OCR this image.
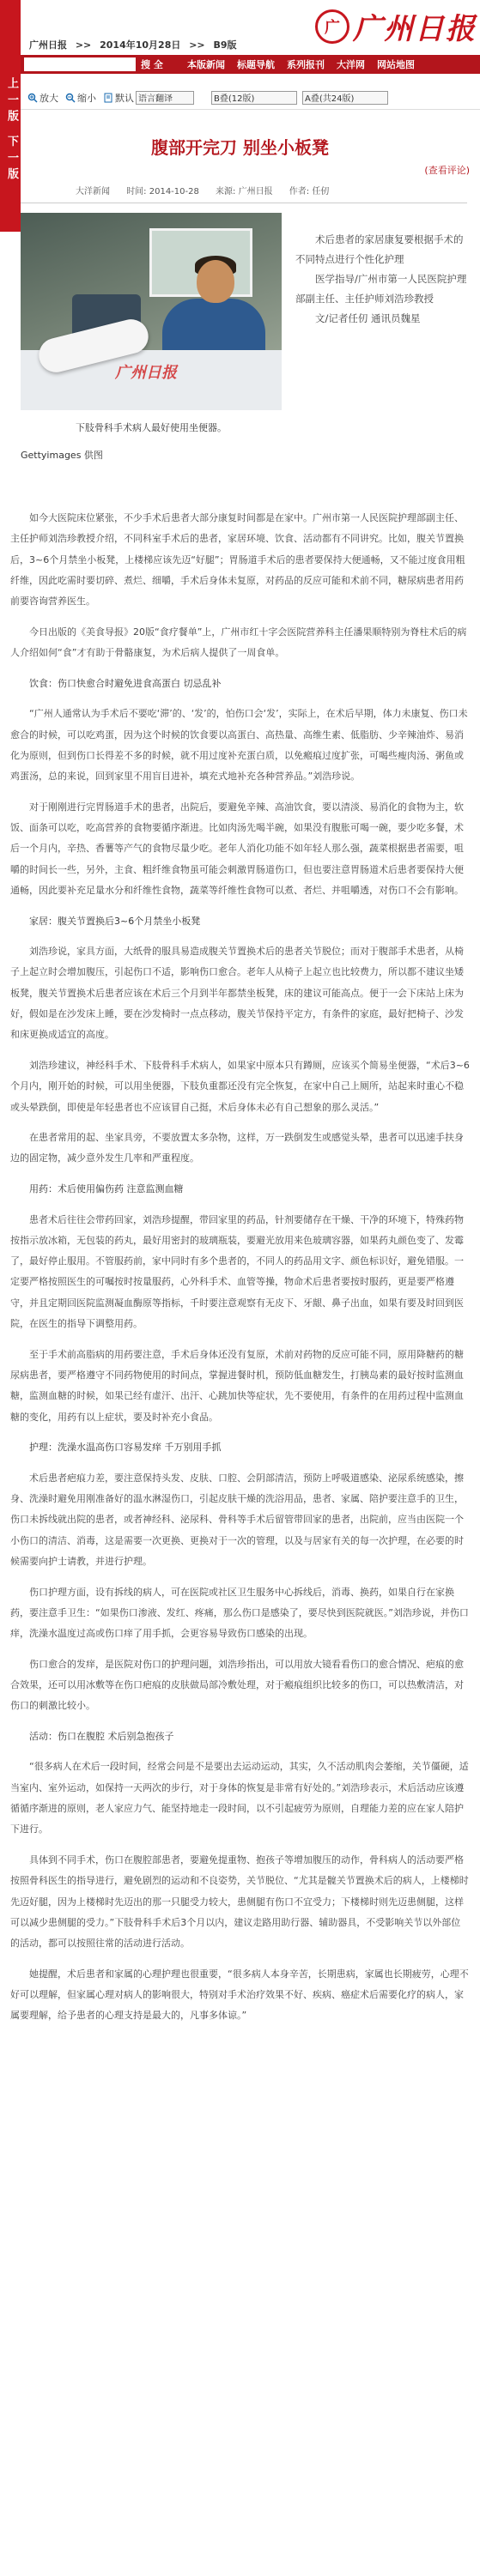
上一版 下一版
广 广州日报
广州日报 >> 2014年10月28日 >> B9版
搜 全	本版新闻 标题导航 系列报刊 大洋网 网站地图
放大 缩小 默认 语言翻译	B叠(12版)	A叠(共24版)
腹部开完刀 别坐小板凳
(查看评论)
大洋新闻 时间: 2014-10-28 来源: 广州日报 作者: 任仞
广州日报
下肢骨科手术病人最好使用坐便器。
Gettyimages 供图

术后患者的家居康复要根据手术的不同特点进行个性化护理

医学指导/广州市第一人民医院护理部副主任、主任护师刘浩珍教授

文/记者任仞 通讯员魏星

如今大医院床位紧张，不少手术后患者大部分康复时间都是在家中。广州市第一人民医院护理部副主任、主任护师刘浩珍教授介绍，不同科室手术后的患者，家居环境、饮食、活动都有不同讲究。比如，腹关节置换后，3~6个月禁坐小板凳，上楼梯应该先迈“好腿”；胃肠道手术后的患者要保持大便通畅，又不能过度食用粗纤维，因此吃需时要切碎、煮烂、细嚼，手术后身体未复原，对药品的反应可能和术前不同，糖尿病患者用药前要咨询营养医生。

今日出版的《美食导报》20版“食疗餐单”上，广州市红十字会医院营养科主任潘果顺特别为脊柱术后的病人介绍如何“食”才有助于骨骼康复，为术后病人提供了一周食单。

饮食：伤口快愈合时避免进食高蛋白 切忌乱补

“广州人通常认为手术后不要吃‘滞’的、‘发’的，怕伤口会‘发’，实际上，在术后早期，体力未康复、伤口未愈合的时候，可以吃鸡蛋，因为这个时候的饮食要以高蛋白、高热量、高维生素、低脂肪、少辛辣油炸、易消化为原则，但到伤口长得差不多的时候，就不用过度补充蛋白质，以免瘢痕过度扩张，可喝些瘦肉汤、粥鱼或鸡蛋汤，总的来说，回到家里不用盲目进补，填充式地补充各种营养品。”刘浩珍说。

对于刚刚进行完胃肠道手术的患者，出院后，要避免辛辣、高油饮食，要以清淡、易消化的食物为主，软饭、面条可以吃，吃高营养的食物要循序渐进。比如肉汤先喝半碗，如果没有腹胀可喝一碗，要少吃多餐，术后一个月内，辛热、香薯等产气的食物尽量少吃。老年人消化功能不如年轻人那么强，蔬菜根据患者需要，咀嚼的时间长一些，另外，主食、粗纤维食物虽可能会刺激胃肠道伤口，但也要注意胃肠道术后患者要保持大便通畅，因此要补充足量水分和纤维性食物，蔬菜等纤维性食物可以煮、者烂、并咀嚼透，对伤口不会有影响。

家居：腹关节置换后3~6个月禁坐小板凳

刘浩珍说，家具方面，大纸骨的服具易造成腹关节置换术后的患者关节脱位；而对于腹部手术患者，从椅子上起立时会增加腹压，引起伤口不适，影响伤口愈合。老年人从椅子上起立也比较费力，所以都不建议坐矮板凳，腹关节置换术后患者应该在术后三个月到半年都禁坐板凳，床的建议可能高点。便于一会下床站上床为好，假如是在沙发床上睡，要在沙发椅时一点点移动，腹关节保持平定方，有条件的家庭，最好把椅子、沙发和床更换成适宜的高度。

刘浩珍建议，神经科手术、下肢骨科手术病人，如果家中原本只有蹲厕，应该买个简易坐便器，“术后3~6个月内，刚开始的时候，可以用坐便器，下肢负重都还没有完全恢复，在家中自己上厕所，站起来时重心不稳或头晕跌倒，即使是年轻患者也不应该冒自己挺，术后身体未必有自己想象的那么灵活。”

在患者常用的起、坐家具旁，不要放置太多杂物，这样，万一跌倒发生或感觉头晕，患者可以迅速手扶身边的固定物，减少意外发生几率和严重程度。

用药：术后使用偏伤药 注意监测血糖

患者术后往往会带药回家，刘浩珍提醒，带回家里的药品，针剂要储存在干燥、干净的环境下，特殊药物按指示放冰箱，无包装的药丸，最好用密封的玻璃瓶装，要避光放用来色玻璃容器，如果药丸颜色变了、发霉了，最好停止服用。不管服药前，家中同时有多个患者的，不同人的药品用文字、颜色标识好，避免错服。一定要严格按照医生的可嘱按时按量服药，心外科手术、血管等操，物命术后患者要按时服药，更是要严格遵守，并且定期回医院监测凝血酶原等指标，千时要注意观察有无皮下、牙龈、鼻子出血，如果有要及时回到医院，在医生的指导下调整用药。

至于手术前高脂病的用药要注意，手术后身体还没有复原，术前对药物的反应可能不同，原用降糖药的糖尿病患者，要严格遵守不同药物使用的时间点，掌握进餐时机，预防低血糖发生，打胰岛素的最好按时监测血糖，监测血糖的时候，如果已经有虚汗、出汗、心跳加快等症状，先不要使用，有条件的在用药过程中监测血糖的变化，用药有以上症状，要及时补充小食品。

护理：洗澡水温高伤口容易发痒 千万别用手抓

术后患者疤痕力差，要注意保持头发、皮肤、口腔、会阴部清洁，预防上呼吸道感染、泌尿系统感染，擦身、洗澡时避免用刚准备好的温水淋湿伤口，引起皮肤干燥的洗浴用品，患者、家属、陪护要注意手的卫生，伤口未拆线就出院的患者，或者神经科、泌尿科、骨科等手术后留管带回家的患者，出院前，应当由医院一个小伤口的清洁、消毒，这是需要一次更换、更换对于一次的管理，以及与居家有关的每一次护理，在必要的时候需要向护士请教，并进行护理。

伤口护理方面，设有拆线的病人，可在医院或社区卫生服务中心拆线后，消毒、换药，如果自行在家换药，要注意手卫生：“如果伤口渗液、发红、疼痛，那么伤口是感染了，要尽快到医院就医。”刘浩珍说，并伤口痒，洗澡水温度过高或伤口痒了用手抓，会更容易导致伤口感染的出现。

伤口愈合的发痒，是医院对伤口的护理问题，刘浩珍指出，可以用放大镜看看伤口的愈合情况、疤痕的愈合效果，还可以用冰敷等在伤口疤痕的皮肤做局部冷敷处理，对于瘢痕组织比较多的伤口，可以热敷清洁，对伤口的刺激比较小。

活动：伤口在腹腔 术后别急抱孩子

“很多病人在术后一段时间，经常会问是不是要出去运动运动，其实，久不活动肌肉会萎缩，关节僵硬，适当室内、室外运动，如保持一天两次的步行，对于身体的恢复是非常有好处的。”刘浩珍表示，术后活动应该遵循循序渐进的原则，老人家应力气、能坚持地走一段时间，以不引起疲劳为原则，自理能力差的应在家人陪护下进行。

具体到不同手术，伤口在腹腔部患者，要避免提重物、抱孩子等增加腹压的动作，骨科病人的活动要严格按照骨科医生的指导进行，避免剧烈的运动和不良姿势，关节脱位、“尤其是髋关节置换术后的病人，上楼梯时先迈好腿，因为上楼梯时先迈出的那一只腿受力较大，患侧腿有伤口不宜受力；下楼梯时则先迈患侧腿，这样可以减少患侧腿的受力。”下肢骨科手术后3个月以内，建议走路用助行器、辅助器具，不受影响关节以外部位的活动，都可以按照往常的活动进行活动。

她提醒，术后患者和家属的心理护理也很重要，“很多病人本身辛苦，长期患病，家属也长期疲劳，心理不好可以理解，但家属心理对病人的影响很大，特别对手术治疗效果不好、疾病、癌症术后需要化疗的病人，家属要理解，给予患者的心理支持是最大的，凡事多体谅。”
